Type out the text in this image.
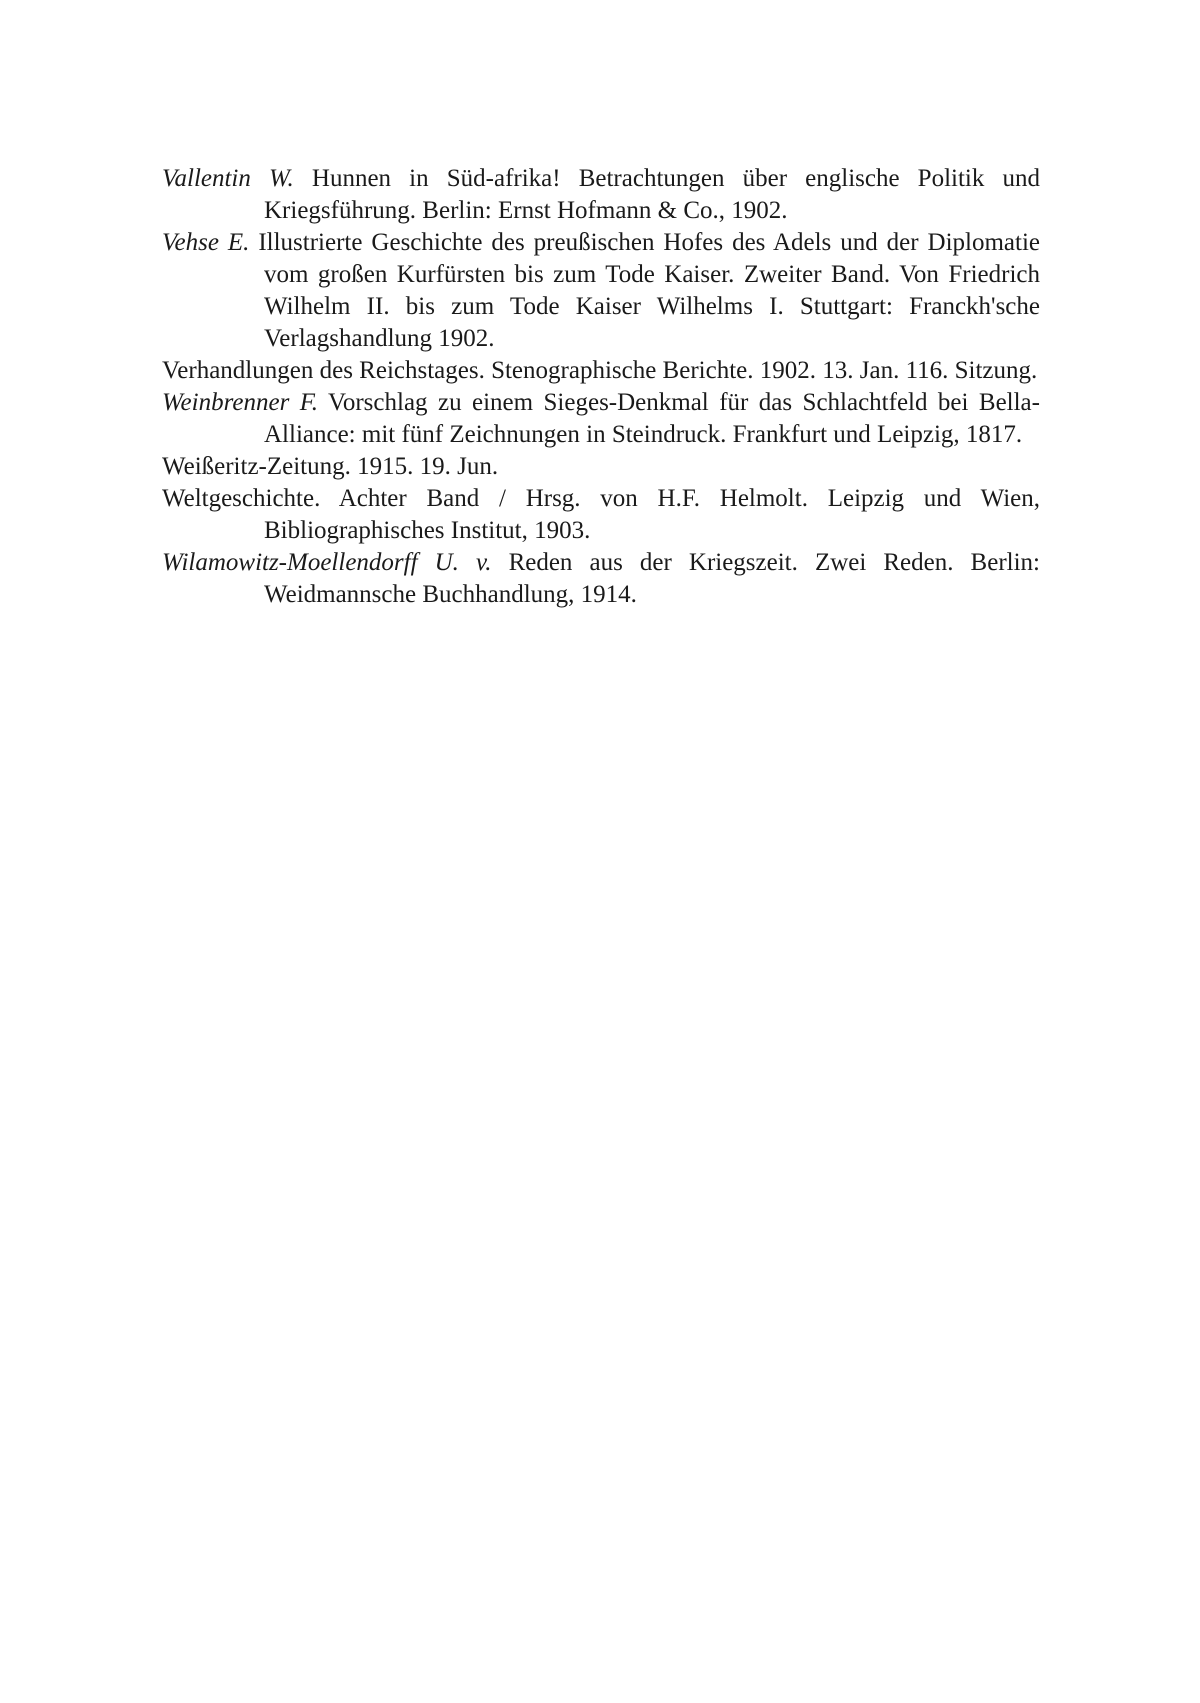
Vallentin W. Hunnen in Süd-afrika! Betrachtungen über englische Politik und Kriegsführung. Berlin: Ernst Hofmann & Co., 1902.

Vehse E. Illustrierte Geschichte des preußischen Hofes des Adels und der Diplomatie vom großen Kurfürsten bis zum Tode Kaiser. Zweiter Band. Von Friedrich Wilhelm II. bis zum Tode Kaiser Wilhelms I. Stuttgart: Franckh'sche Verlagshandlung 1902.

Verhandlungen des Reichstages. Stenographische Berichte. 1902. 13. Jan. 116. Sitzung.

Weinbrenner F. Vorschlag zu einem Sieges-Denkmal für das Schlachtfeld bei Bella-Alliance: mit fünf Zeichnungen in Steindruck. Frankfurt und Leipzig, 1817.

Weißeritz-Zeitung. 1915. 19. Jun.

Weltgeschichte. Achter Band / Hrsg. von H.F. Helmolt. Leipzig und Wien, Bibliographisches Institut, 1903.

Wilamowitz-Moellendorff U. v. Reden aus der Kriegszeit. Zwei Reden. Berlin: Weidmannsche Buchhandlung, 1914.
